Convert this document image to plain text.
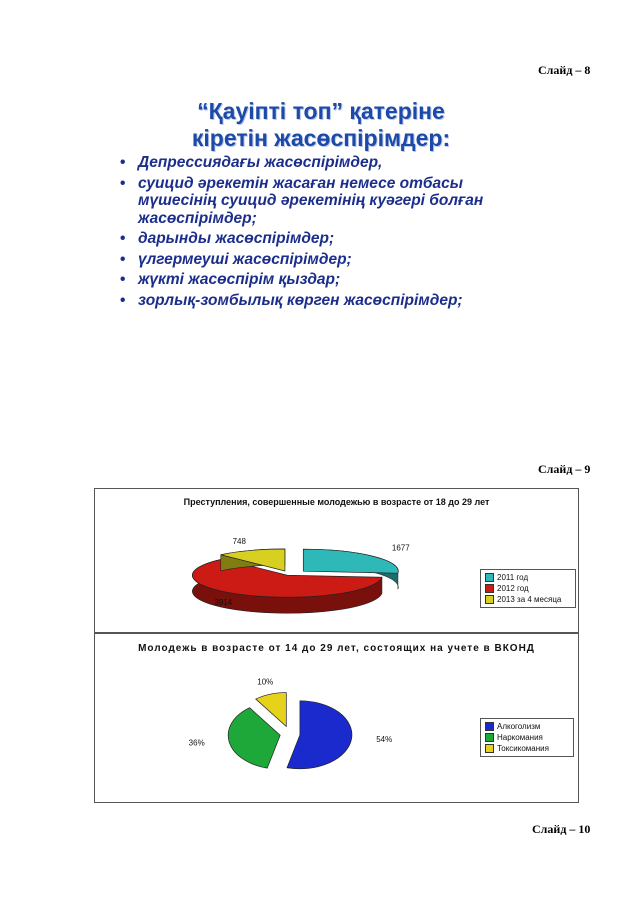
Слайд – 8
“Қауіпті топ” қатеріне
кіретін жасөспірімдер:
• Депрессиядағы жасөспірімдер,
• суицид әрекетін жасаған немесе отбасы мүшесінің суицид әрекетінің куәгері болған жасөспірімдер;
• дарынды жасөспірімдер;
• үлгермеуші жасөспірімдер;
• жүкті жасөспірім қыздар;
• зорлық-зомбылық көрген жасөспірімдер;
Слайд – 9
Преступления, совершенные молодежью в возрасте от 18 до 29 лет
1677
3914
748
2011 год
2012 год
2013 за 4 месяца
Молодежь в возрасте от 14 до 29 лет, состоящих на учете в ВКОНД
54%
36%
10%
Алкоголизм
Наркомания
Токсикомания
Слайд – 10
